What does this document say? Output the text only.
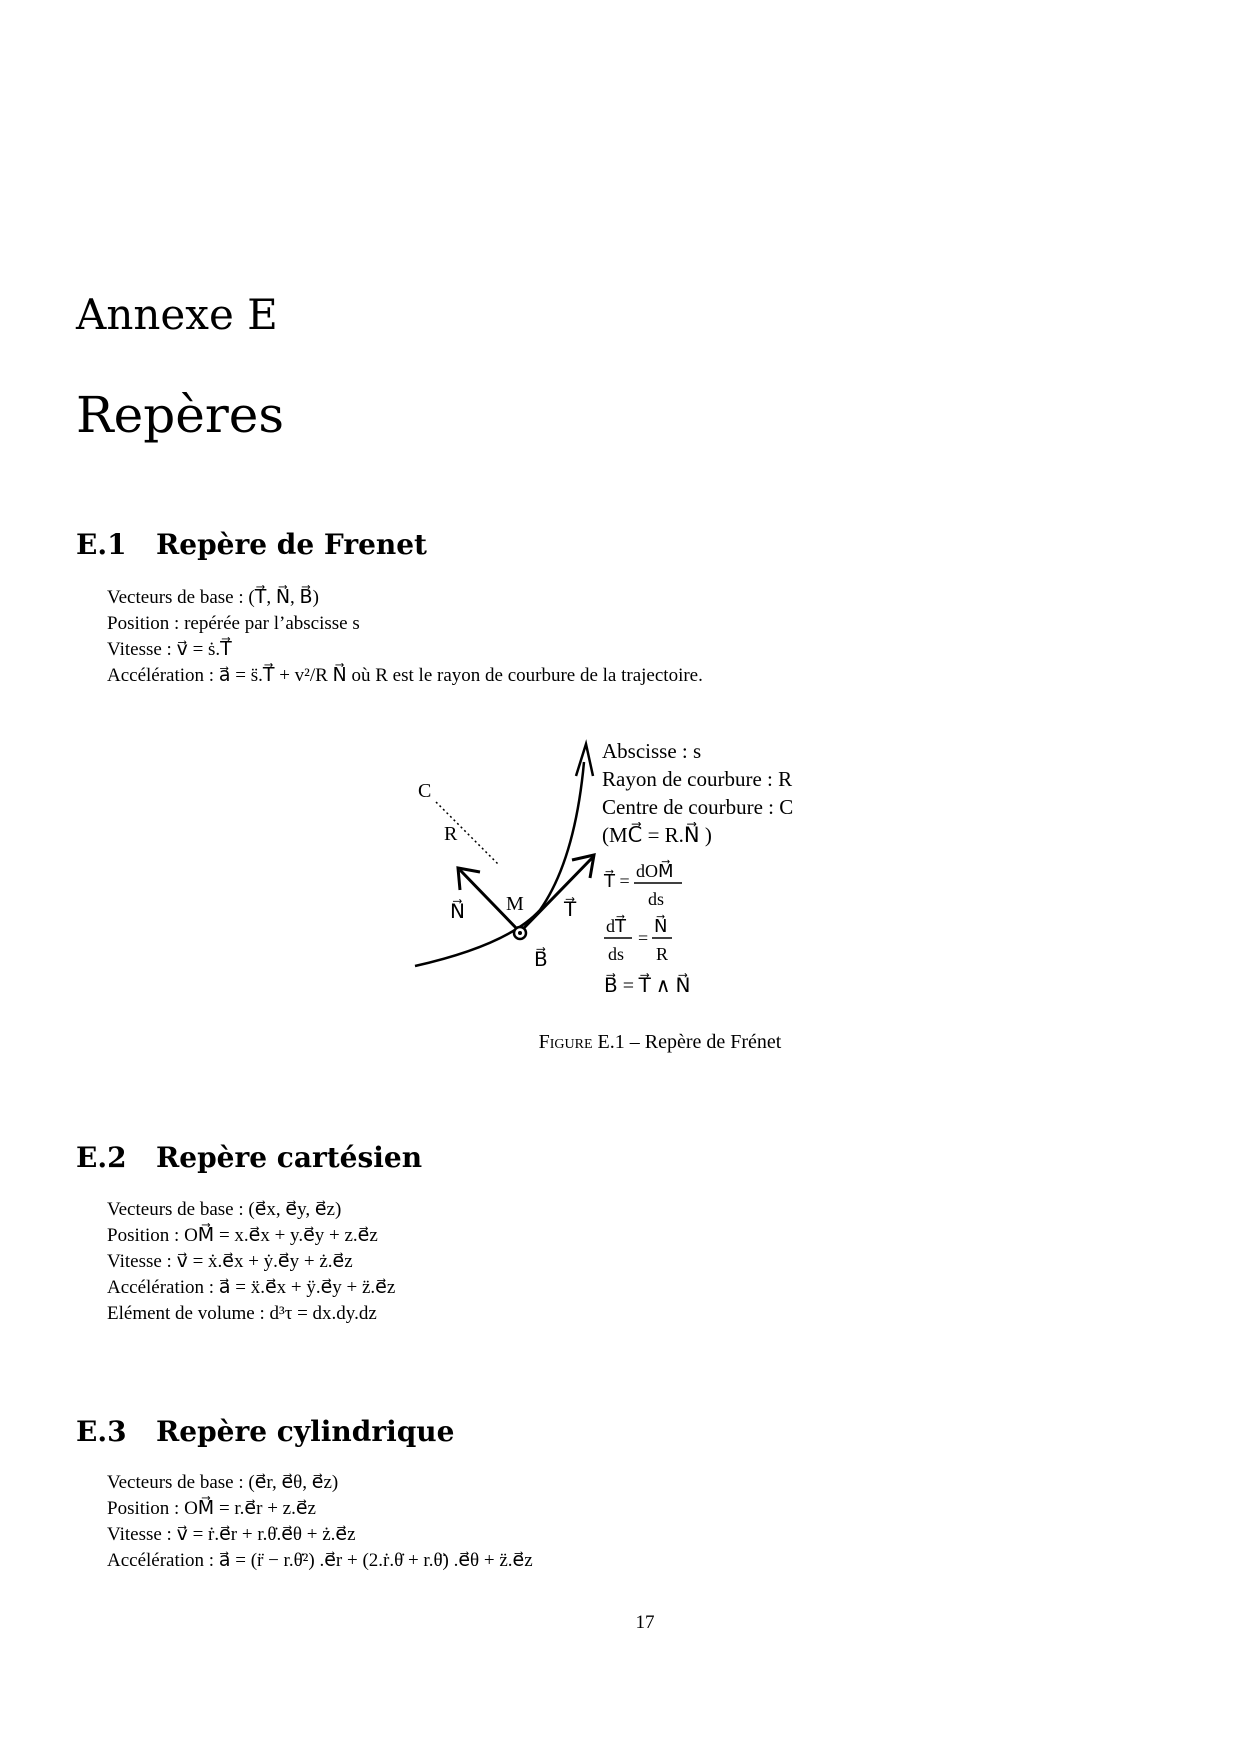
Annexe E
Repères
E.1 Repère de Frenet
Vecteurs de base : (T⃗, N⃗, B⃗)
Position : repérée par l’abscisse s
Vitesse : v⃗ = ṡ.T⃗
Accélération : a⃗ = s̈.T⃗ + v²/R N⃗ où R est le rayon de courbure de la trajectoire.
C
R
N⃗ M T⃗
B⃗
Abscisse : s
Rayon de courbure : R
Centre de courbure : C
(MC⃗ = R.N⃗ )
T⃗ = dOM⃗
ds
dT⃗
ds
=
N⃗
R
B⃗ = T⃗ ∧ N⃗
Figure E.1 – Repère de Frénet
E.2 Repère cartésien
Vecteurs de base : (e⃗x, e⃗y, e⃗z)
Position : OM⃗ = x.e⃗x + y.e⃗y + z.e⃗z
Vitesse : v⃗ = ẋ.e⃗x + ẏ.e⃗y + ż.e⃗z
Accélération : a⃗ = ẍ.e⃗x + ÿ.e⃗y + z̈.e⃗z
Elément de volume : d³τ = dx.dy.dz
E.3 Repère cylindrique
Vecteurs de base : (e⃗r, e⃗θ, e⃗z)
Position : OM⃗ = r.e⃗r + z.e⃗z
Vitesse : v⃗ = ṙ.e⃗r + r.θ̇.e⃗θ + ż.e⃗z
Accélération : a⃗ = (r̈ − r.θ̇²) .e⃗r + (2.ṙ.θ̇ + r.θ̈) .e⃗θ + z̈.e⃗z
17
